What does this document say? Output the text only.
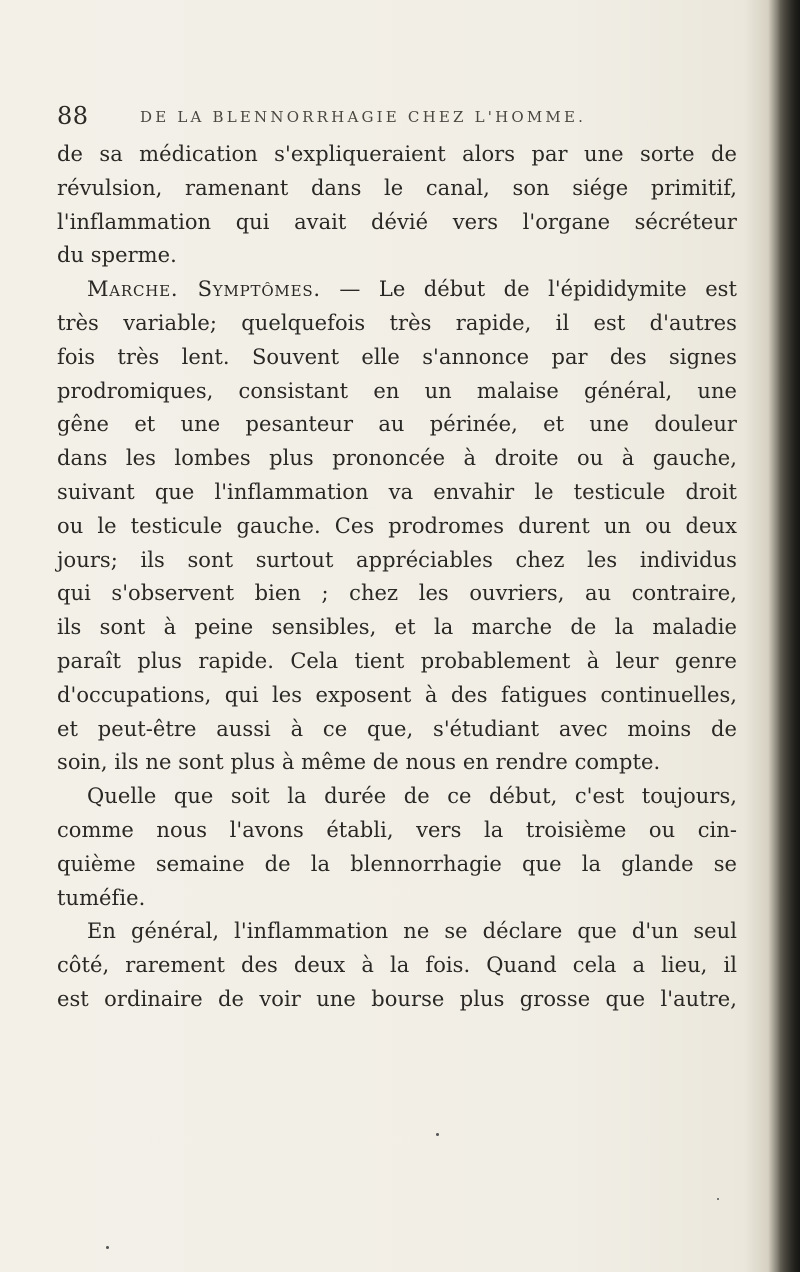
88	DE LA BLENNORRHAGIE CHEZ L'HOMME.
de sa médication s'expliqueraient alors par une sorte de
révulsion, ramenant dans le canal, son siége primitif,
l'inflammation qui avait dévié vers l'organe sécréteur
du sperme.
Marche. Symptômes. — Le début de l'épididymite est
très variable; quelquefois très rapide, il est d'autres
fois très lent. Souvent elle s'annonce par des signes
prodromiques, consistant en un malaise général, une
gêne et une pesanteur au périnée, et une douleur
dans les lombes plus prononcée à droite ou à gauche,
suivant que l'inflammation va envahir le testicule droit
ou le testicule gauche. Ces prodromes durent un ou deux
jours; ils sont surtout appréciables chez les individus
qui s'observent bien ; chez les ouvriers, au contraire,
ils sont à peine sensibles, et la marche de la maladie
paraît plus rapide. Cela tient probablement à leur genre
d'occupations, qui les exposent à des fatigues continuelles,
et peut-être aussi à ce que, s'étudiant avec moins de
soin, ils ne sont plus à même de nous en rendre compte.
Quelle que soit la durée de ce début, c'est toujours,
comme nous l'avons établi, vers la troisième ou cin-
quième semaine de la blennorrhagie que la glande se
tuméfie.
En général, l'inflammation ne se déclare que d'un seul
côté, rarement des deux à la fois. Quand cela a lieu, il
est ordinaire de voir une bourse plus grosse que l'autre,
